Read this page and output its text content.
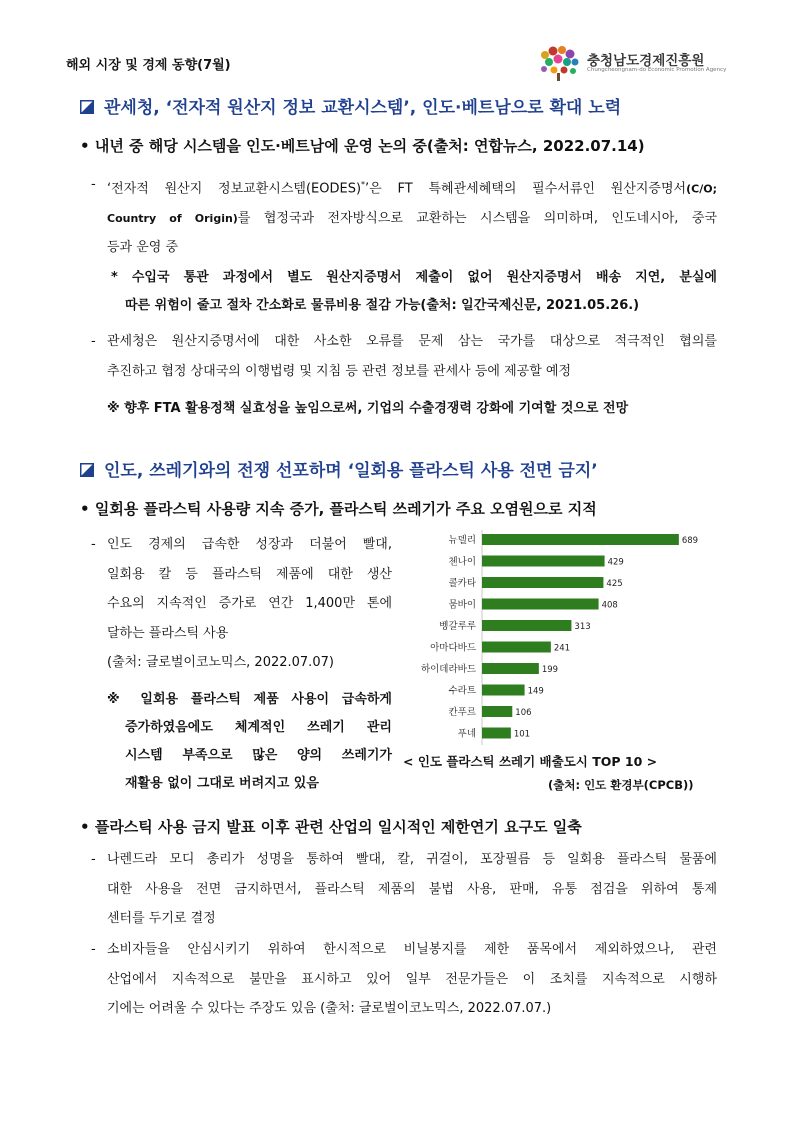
해외 시장 및 경제 동향(7월)	충청남도경제진흥원
Chungcheongnam-do Economic Promotion Agency
관세청, ‘전자적 원산지 정보 교환시스템’, 인도·베트남으로 확대 노력
• 내년 중 해당 시스템을 인도·베트남에 운영 논의 중(출처: 연합뉴스, 2022.07.14)
- ‘전자적 원산지 정보교환시스템(EODES)*’은 FT 특혜관세혜택의 필수서류인 원산지증명서(C/O;
Country of Origin)를 협정국과 전자방식으로 교환하는 시스템을 의미하며, 인도네시아, 중국
등과 운영 중
* 수입국 통관 과정에서 별도 원산지증명서 제출이 없어 원산지증명서 배송 지연, 분실에
따른 위험이 줄고 절차 간소화로 물류비용 절감 가능(출처: 일간국제신문, 2021.05.26.)
- 관세청은 원산지증명서에 대한 사소한 오류를 문제 삼는 국가를 대상으로 적극적인 협의를
추진하고 협정 상대국의 이행법령 및 지침 등 관련 정보를 관세사 등에 제공할 예정
※ 향후 FTA 활용정책 실효성을 높임으로써, 기업의 수출경쟁력 강화에 기여할 것으로 전망
인도, 쓰레기와의 전쟁 선포하며 ‘일회용 플라스틱 사용 전면 금지’
• 일회용 플라스틱 사용량 지속 증가, 플라스틱 쓰레기가 주요 오염원으로 지적
- 인도 경제의 급속한 성장과 더불어 빨대,
일회용 칼 등 플라스틱 제품에 대한 생산
수요의 지속적인 증가로 연간 1,400만 톤에
달하는 플라스틱 사용
(출처: 글로벌이코노믹스, 2022.07.07)
※ 일회용 플라스틱 제품 사용이 급속하게
증가하였음에도 체계적인 쓰레기 관리
시스템 부족으로 많은 양의 쓰레기가
재활용 없이 그대로 버려지고 있음
뉴델리	689
첸나이	429
콜카타	425
뭄바이	408
벵갈루루	313
아마다바드	241
하이데라바드	199
수라트	149
칸푸르	106
푸네	101
< 인도 플라스틱 쓰레기 배출도시 TOP 10 >
(출처: 인도 환경부(CPCB))
• 플라스틱 사용 금지 발표 이후 관련 산업의 일시적인 제한연기 요구도 일축
- 나렌드라 모디 총리가 성명을 통하여 빨대, 칼, 귀걸이, 포장필름 등 일회용 플라스틱 물품에
대한 사용을 전면 금지하면서, 플라스틱 제품의 불법 사용, 판매, 유통 점검을 위하여 통제
센터를 두기로 결정
- 소비자들을 안심시키기 위하여 한시적으로 비닐봉지를 제한 품목에서 제외하였으나, 관련
산업에서 지속적으로 불만을 표시하고 있어 일부 전문가들은 이 조치를 지속적으로 시행하
기에는 어려울 수 있다는 주장도 있음 (출처: 글로벌이코노믹스, 2022.07.07.)
